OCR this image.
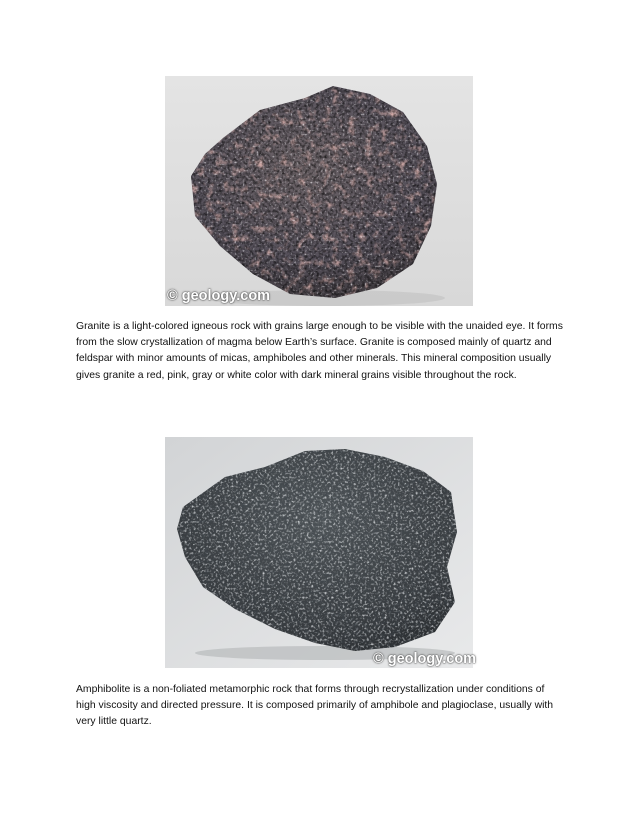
© geology.com

Granite is a light-colored igneous rock with grains large enough to be visible with the unaided eye. It forms from the slow crystallization of magma below Earth’s surface. Granite is composed mainly of quartz and feldspar with minor amounts of micas, amphiboles and other minerals. This mineral composition usually gives granite a red, pink, gray or white color with dark mineral grains visible throughout the rock.

© geology.com

Amphibolite is a non-foliated metamorphic rock that forms through recrystallization under conditions of high viscosity and directed pressure. It is composed primarily of amphibole and plagioclase, usually with very little quartz.
